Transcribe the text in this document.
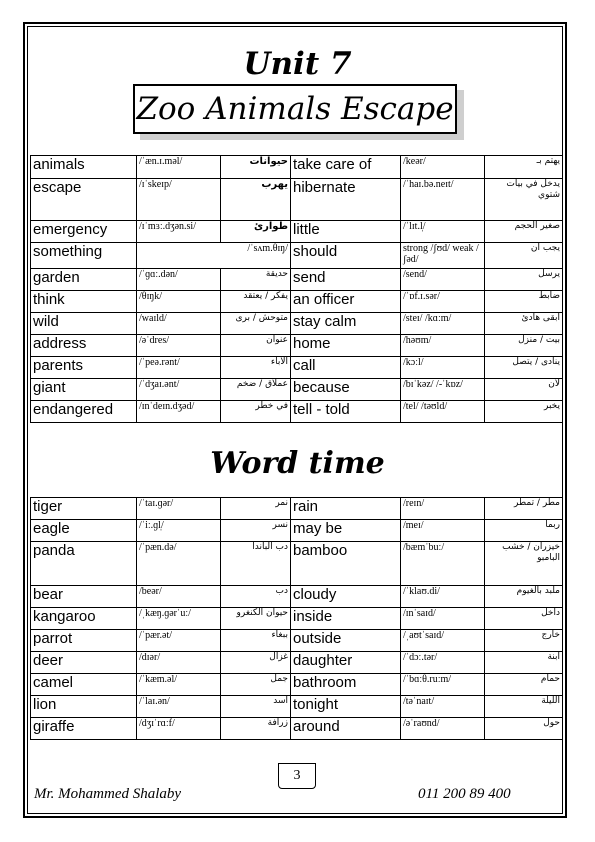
Unit 7
Zoo Animals Escape
animals	/ˈæn.ɪ.məl/	حيوانات	take care of	/keər/	يهتم بـ
escape	/ɪˈskeɪp/	يهرب	hibernate	/ˈhaɪ.bə.neɪt/	يدخل في بيات شتوي
emergency	/ɪˈmɜː.dʒən.si/	طوارئ	little	/ˈlɪt.l̩/	صغير الحجم
something	/ˈsʌm.θɪŋ/		should	strong /ʃʊd/ weak /ʃəd/	يجب أن
garden	/ˈɡɑː.dən/	حديقة	send	/send/	يرسل
think	/θɪŋk/	يفكر / يعتقد	an officer	/ˈɒf.ɪ.sər/	ضابط
wild	/waɪld/	متوحش / برى	stay calm	/steɪ/ /kɑːm/	ابقى هادئ
address	/əˈdres/	عنوان	home	/həʊm/	بيت / منزل
parents	/ˈpeə.rənt/	الآباء	call	/kɔːl/	ينادى / يتصل
giant	/ˈdʒaɪ.ənt/	عملاق / ضخم	because	/bɪˈkəz/ /-ˈkɒz/	لأن
endangered	/ɪnˈdeɪn.dʒəd/	في خطر	tell - told	/tel/ /təʊld/	يخبر
Word time
tiger	/ˈtaɪ.ɡər/	نمر	rain	/reɪn/	مطر / تمطر
eagle	/ˈiː.ɡl̩/	نسر	may be	/meɪ/	ربما
panda	/ˈpæn.də/	دب الباندا	bamboo	/bæmˈbuː/	خيزران / خشب البامبو
bear	/beər/	دب	cloudy	/ˈklaʊ.di/	ملبد بالغيوم
kangaroo	/ˌkæŋ.ɡərˈuː/	حيوان الكنغرو	inside	/ɪnˈsaɪd/	داخل
parrot	/ˈpær.ət/	ببغاء	outside	/ˌaʊtˈsaɪd/	خارج
deer	/dɪər/	غزال	daughter	/ˈdɔː.tər/	ابنة
camel	/ˈkæm.əl/	جمل	bathroom	/ˈbɑːθ.ruːm/	حمام
lion	/ˈlaɪ.ən/	أسد	tonight	/təˈnaɪt/	الليلة
giraffe	/dʒɪˈrɑːf/	زرافة	around	/əˈraʊnd/	حول
3
Mr. Mohammed Shalaby	011 200 89 400
